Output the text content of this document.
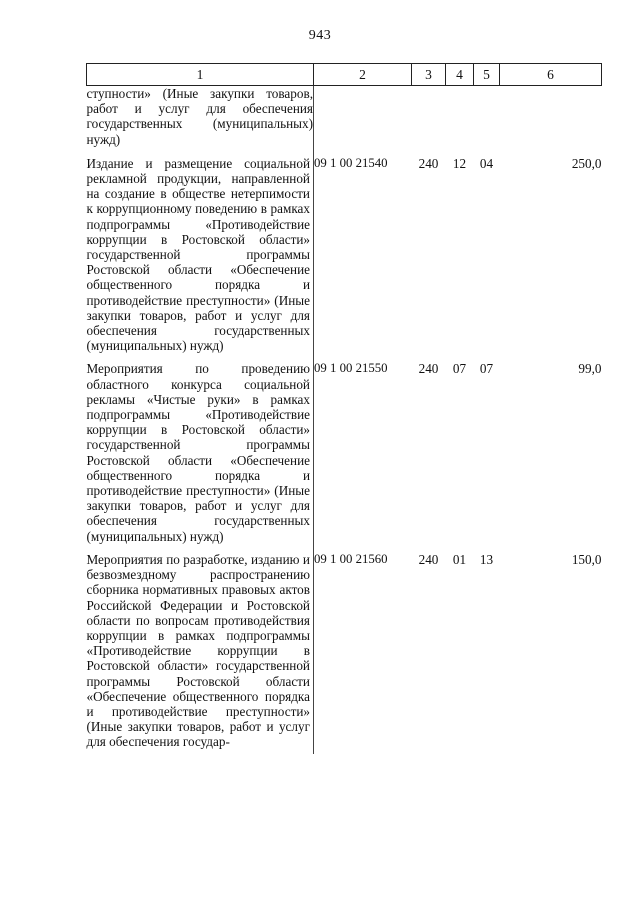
943
1	2	3	4	5	6
ступности» (Иные закупки товаров, работ и услуг для обеспечения государственных (муниципальных) нужд)					
Издание и размещение социальной рекламной продукции, направленной на создание в обществе нетерпимости к коррупционному поведению в рамках подпрограммы «Противодействие коррупции в Ростовской области» государственной программы Ростовской области «Обеспечение общественного порядка и противодействие преступности» (Иные закупки товаров, работ и услуг для обеспечения государственных (муниципальных) нужд)	09 1 00 21540	240	12	04	250,0
Мероприятия по проведению областного конкурса социальной рекламы «Чистые руки» в рамках подпрограммы «Противодействие коррупции в Ростовской области» государственной программы Ростовской области «Обеспечение общественного порядка и противодействие преступности» (Иные закупки товаров, работ и услуг для обеспечения государственных (муниципальных) нужд)	09 1 00 21550	240	07	07	99,0
Мероприятия по разработке, изданию и безвозмездному распространению сборника нормативных правовых актов Российской Федерации и Ростовской области по вопросам противодействия коррупции в рамках подпрограммы «Противодействие коррупции в Ростовской области» государственной программы Ростовской области «Обеспечение общественного порядка и противодействие преступности» (Иные закупки товаров, работ и услуг для обеспечения государ-	09 1 00 21560	240	01	13	150,0
